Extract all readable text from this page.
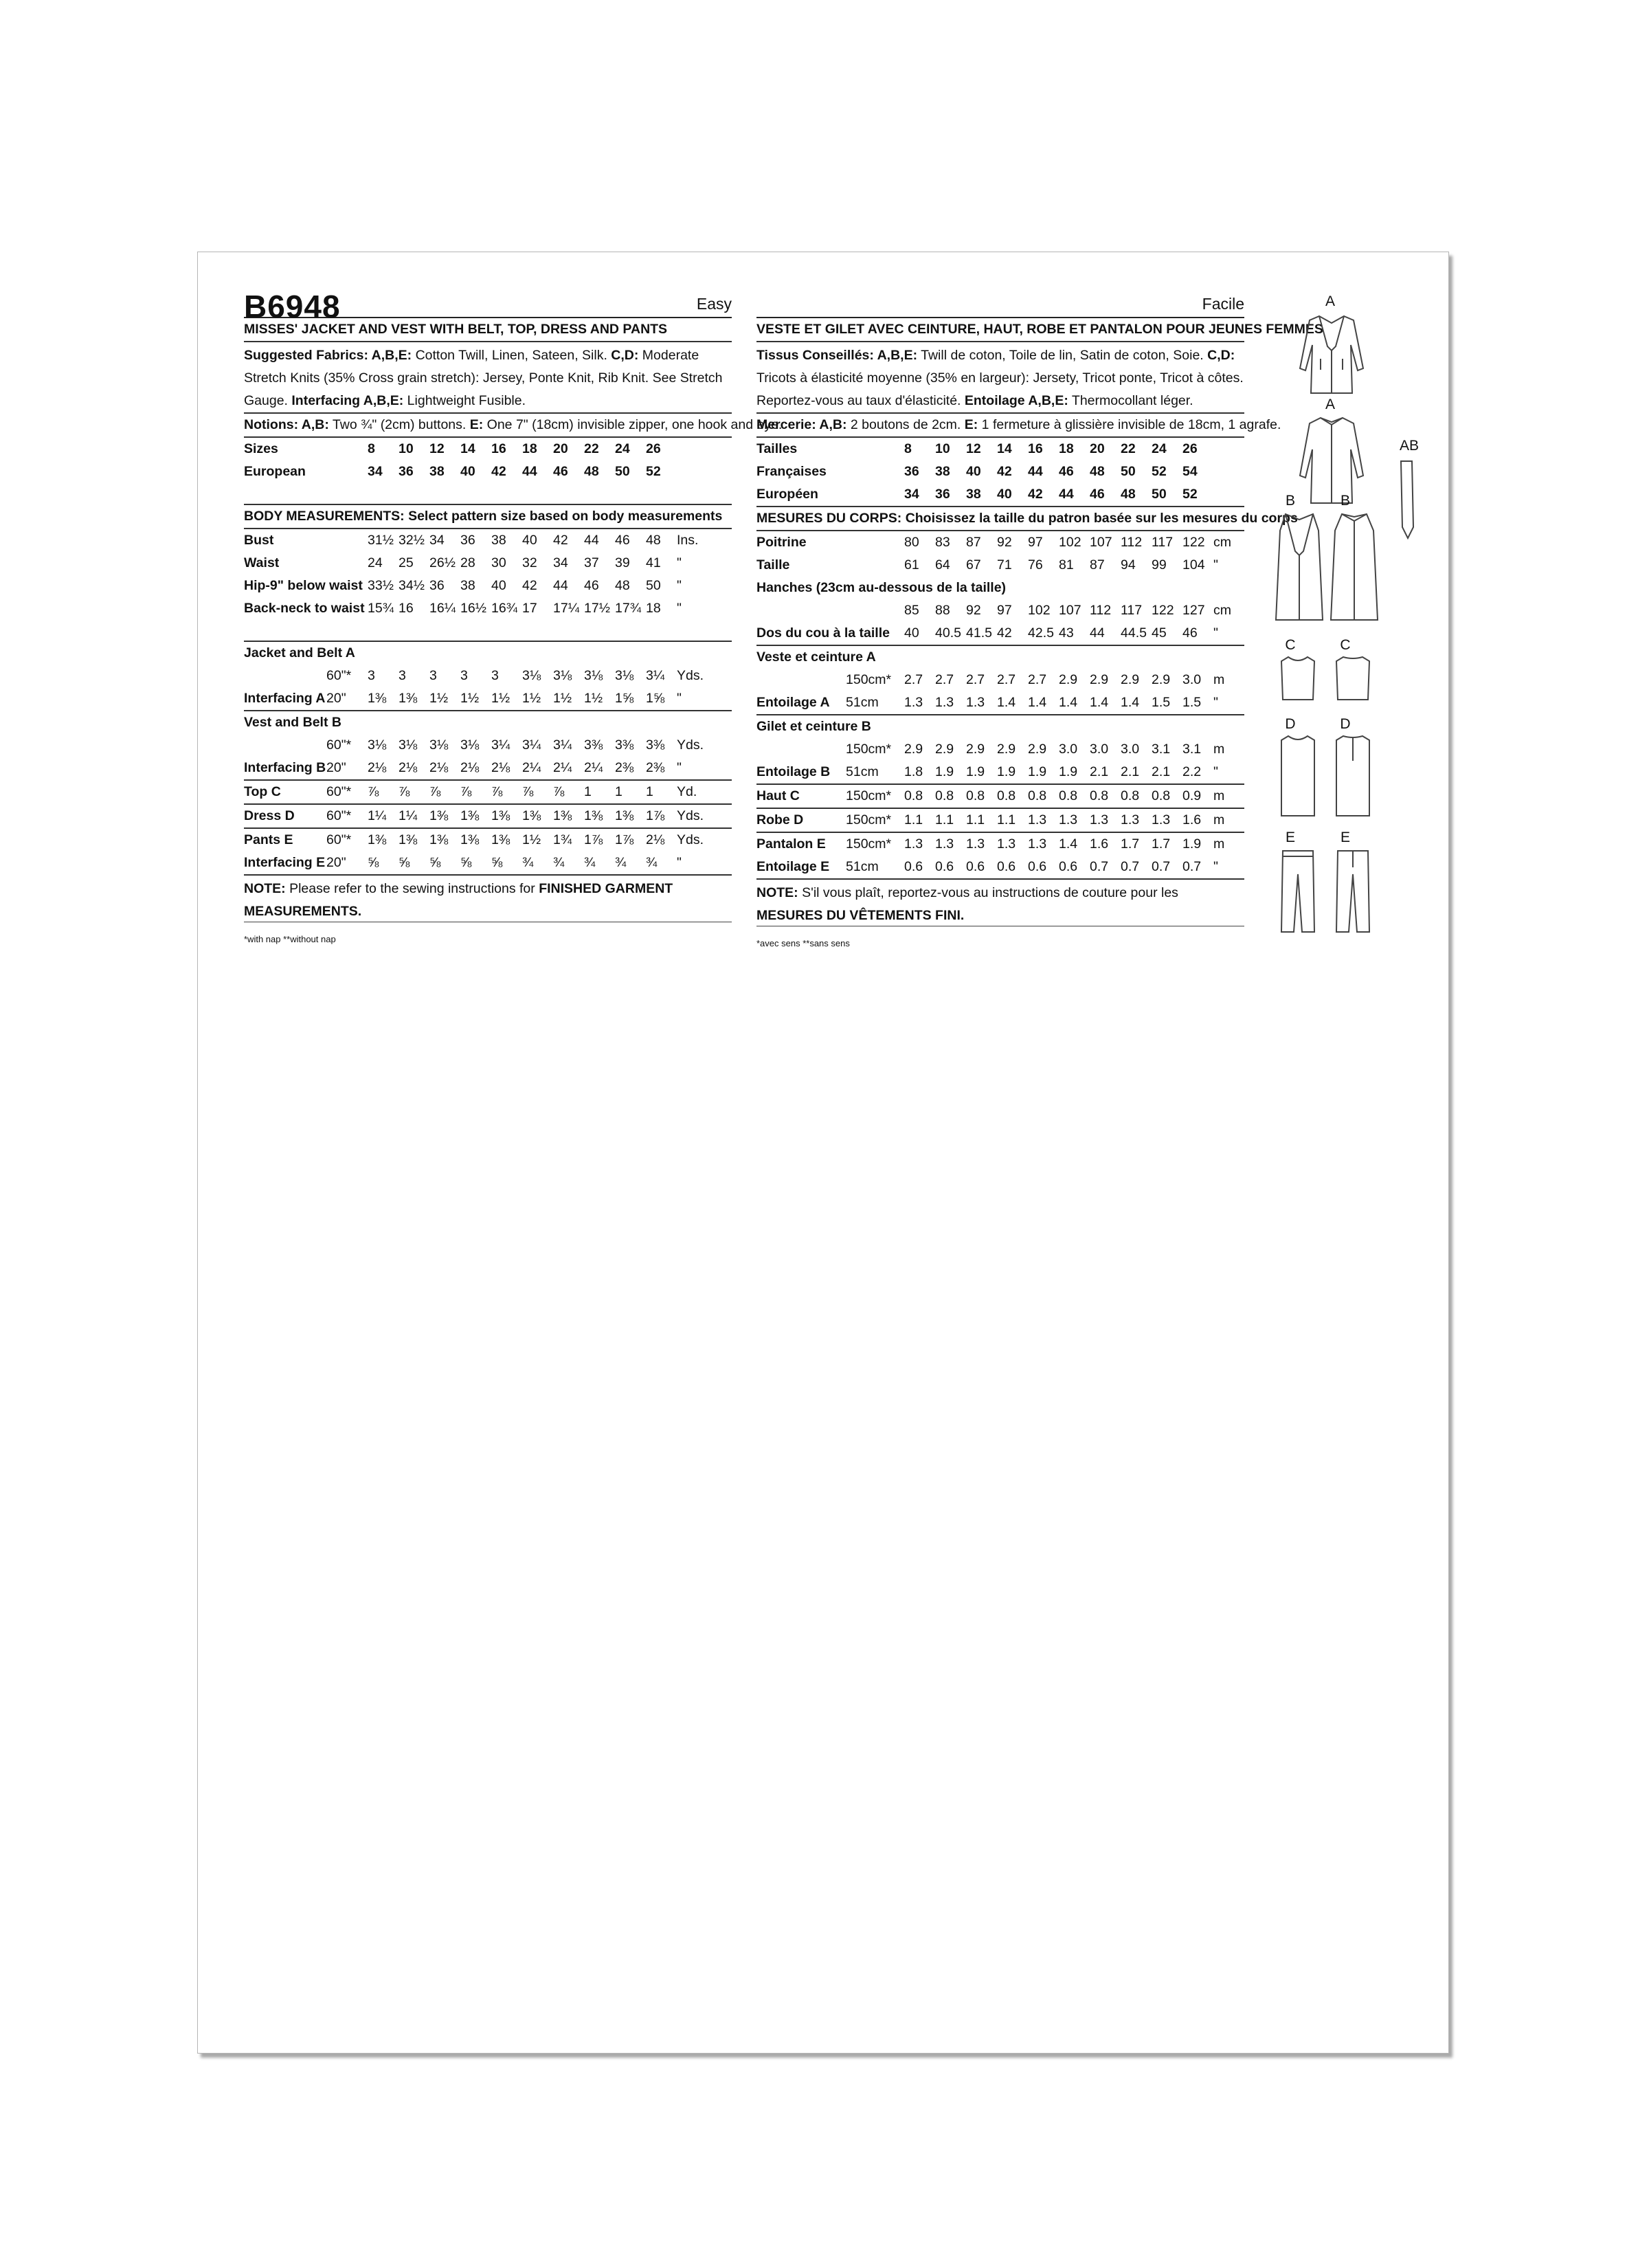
B6948	Easy
MISSES' JACKET AND VEST WITH BELT, TOP, DRESS AND PANTS

Suggested Fabrics: A,B,E: Cotton Twill, Linen, Sateen, Silk. C,D: Moderate Stretch Knits (35% Cross grain stretch): Jersey, Ponte Knit, Rib Knit. See Stretch Gauge. Interfacing A,B,E: Lightweight Fusible.

Notions: A,B: Two ¾" (2cm) buttons. E: One 7" (18cm) invisible zipper, one hook and eye.
Sizes	8 10 12 14 16 18 20 22 24 26
European	34 36 38 40 42 44 46 48 50 52
BODY MEASUREMENTS: Select pattern size based on body measurements
Bust	31½ 32½ 34 36 38 40 42 44 46 48 Ins.
Waist	24 25 26½ 28 30 32 34 37 39 41 "
Hip-9" below waist 33½ 34½ 36 38 40 42 44 46 48 50 "
Back-neck to waist 15¾ 16 16¼ 16½ 16¾ 17 17¼ 17½ 17¾ 18 "
Jacket and Belt A
60"* 3 3 3 3 3 3⅛ 3⅛ 3⅛ 3⅛ 3¼ Yds.
Interfacing A 20" 1⅜ 1⅜ 1½ 1½ 1½ 1½ 1½ 1½ 1⅝ 1⅝ "
Vest and Belt B
60"* 3⅛ 3⅛ 3⅛ 3⅛ 3¼ 3¼ 3¼ 3⅜ 3⅜ 3⅜ Yds.
Interfacing B 20" 2⅛ 2⅛ 2⅛ 2⅛ 2⅛ 2¼ 2¼ 2¼ 2⅜ 2⅜ "
Top C	60"* ⅞ ⅞ ⅞ ⅞ ⅞ ⅞ ⅞ 1 1 1 Yd.
Dress D 60"* 1¼ 1¼ 1⅜ 1⅜ 1⅜ 1⅜ 1⅜ 1⅜ 1⅜ 1⅞ Yds.
Pants E 60"* 1⅜ 1⅜ 1⅜ 1⅜ 1⅜ 1½ 1¾ 1⅞ 1⅞ 2⅛ Yds.
Interfacing E 20" ⅝ ⅝ ⅝ ⅝ ⅝ ¾ ¾ ¾ ¾ ¾ "

NOTE: Please refer to the sewing instructions for FINISHED GARMENT MEASUREMENTS.

*with nap **without nap
Facile
VESTE ET GILET AVEC CEINTURE, HAUT, ROBE ET PANTALON POUR JEUNES FEMMES

Tissus Conseillés: A,B,E: Twill de coton, Toile de lin, Satin de coton, Soie. C,D: Tricots à élasticité moyenne (35% en largeur): Jersety, Tricot ponte, Tricot à côtes. Reportez-vous au taux d'élasticité. Entoilage A,B,E: Thermocollant léger.

Mercerie: A,B: 2 boutons de 2cm. E: 1 fermeture à glissière invisible de 18cm, 1 agrafe.
Tailles	8 10 12 14 16 18 20 22 24 26
Françaises	36 38 40 42 44 46 48 50 52 54
Européen	34 36 38 40 42 44 46 48 50 52
MESURES DU CORPS: Choisissez la taille du patron basée sur les mesures du corps
Poitrine	80 83 87 92 97 102 107 112 117 122 cm
Taille	61 64 67 71 76 81 87 94 99 104 "
Hanches (23cm au-dessous de la taille)
85 88 92 97 102 107 112 117 122 127 cm
Dos du cou à la taille 40 40.5 41.5 42 42.5 43 44 44.5 45 46 "
Veste et ceinture A
150cm* 2.7 2.7 2.7 2.7 2.7 2.9 2.9 2.9 2.9 3.0 m
Entoilage A 51cm 1.3 1.3 1.3 1.4 1.4 1.4 1.4 1.4 1.5 1.5 "
Gilet et ceinture B
150cm* 2.9 2.9 2.9 2.9 2.9 3.0 3.0 3.0 3.1 3.1 m
Entoilage B 51cm 1.8 1.9 1.9 1.9 1.9 1.9 2.1 2.1 2.1 2.2 "
Haut C	150cm* 0.8 0.8 0.8 0.8 0.8 0.8 0.8 0.8 0.8 0.9 m
Robe D	150cm* 1.1 1.1 1.1 1.1 1.3 1.3 1.3 1.3 1.3 1.6 m
Pantalon E 150cm* 1.3 1.3 1.3 1.3 1.3 1.4 1.6 1.7 1.7 1.9 m
Entoilage E 51cm 0.6 0.6 0.6 0.6 0.6 0.6 0.7 0.7 0.7 0.7 "

NOTE: S'il vous plaît, reportez-vous au instructions de couture pour les MESURES DU VÊTEMENTS FINI.

*avec sens **sans sens
A
A
AB
B	B
C	C
D	D
E	E
